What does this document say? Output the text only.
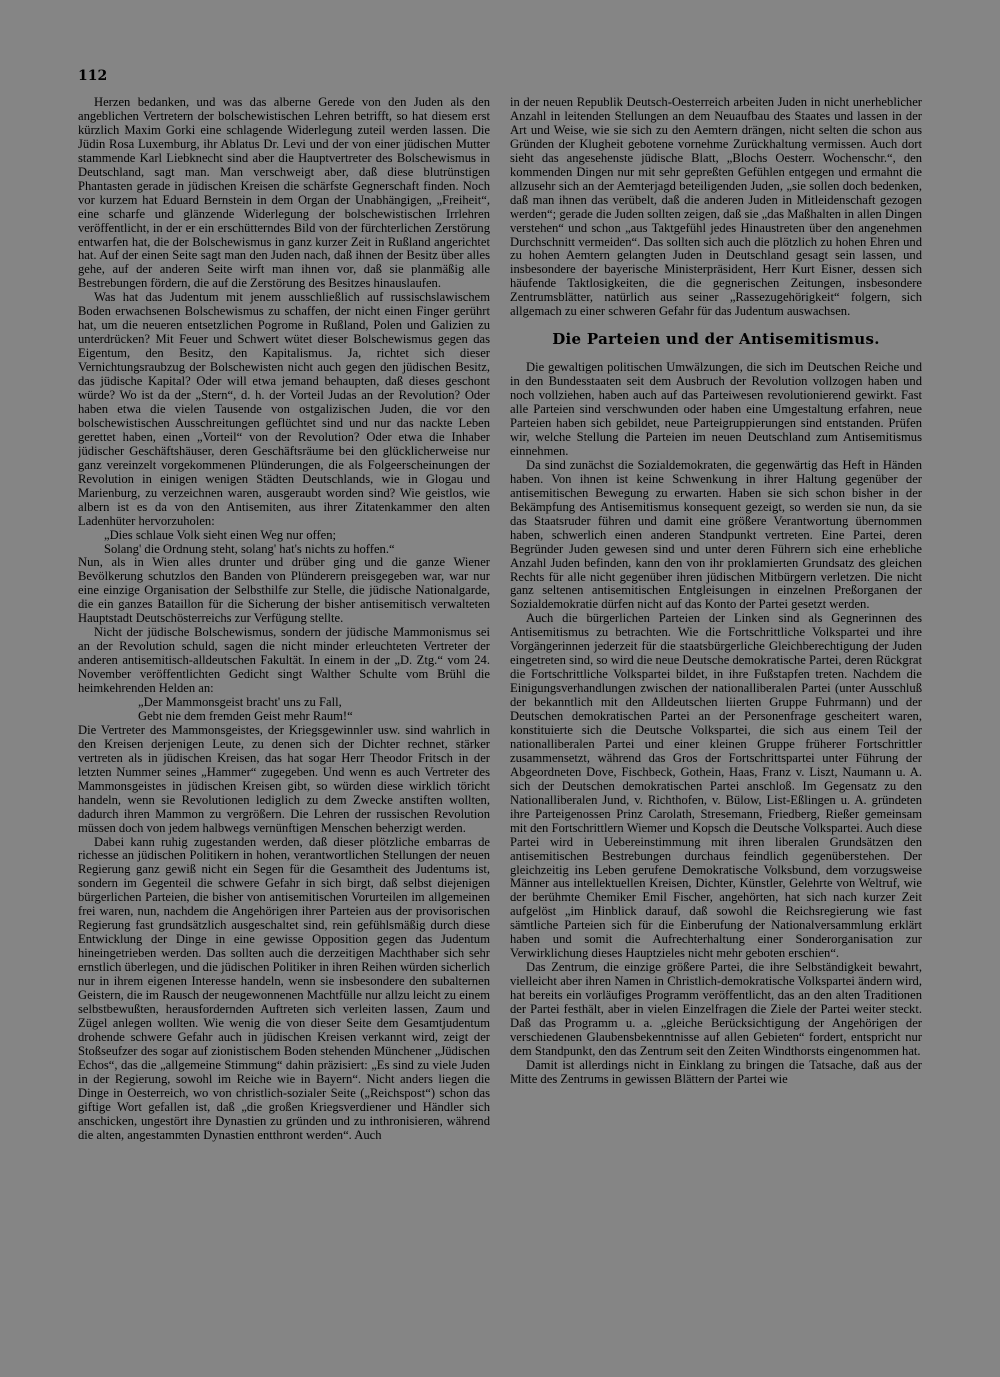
112

Herzen bedanken, und was das alberne Gerede von den Juden als den angeblichen Vertretern der bolschewistischen Lehren betrifft, so hat diesem erst kürzlich Maxim Gorki eine schlagende Widerlegung zuteil werden lassen. Die Jüdin Rosa Luxemburg, ihr Ablatus Dr. Levi und der von einer jüdischen Mutter stammende Karl Liebknecht sind aber die Hauptvertreter des Bolschewismus in Deutschland, sagt man. Man verschweigt aber, daß diese blutrünstigen Phantasten gerade in jüdischen Kreisen die schärfste Gegnerschaft finden. Noch vor kurzem hat Eduard Bernstein in dem Organ der Unabhängigen, „Freiheit“, eine scharfe und glänzende Widerlegung der bolschewistischen Irrlehren veröffentlicht, in der er ein erschütterndes Bild von der fürchterlichen Zerstörung entwarfen hat, die der Bolschewismus in ganz kurzer Zeit in Rußland angerichtet hat. Auf der einen Seite sagt man den Juden nach, daß ihnen der Besitz über alles gehe, auf der anderen Seite wirft man ihnen vor, daß sie planmäßig alle Bestrebungen fördern, die auf die Zerstörung des Besitzes hinauslaufen.

Was hat das Judentum mit jenem ausschließlich auf russischslawischem Boden erwachsenen Bolschewismus zu schaffen, der nicht einen Finger gerührt hat, um die neueren entsetzlichen Pogrome in Rußland, Polen und Galizien zu unterdrücken? Mit Feuer und Schwert wütet dieser Bolschewismus gegen das Eigentum, den Besitz, den Kapitalismus. Ja, richtet sich dieser Vernichtungsraubzug der Bolschewisten nicht auch gegen den jüdischen Besitz, das jüdische Kapital? Oder will etwa jemand behaupten, daß dieses geschont würde? Wo ist da der „Stern“, d. h. der Vorteil Judas an der Revolution? Oder haben etwa die vielen Tausende von ostgalizischen Juden, die vor den bolschewistischen Ausschreitungen geflüchtet sind und nur das nackte Leben gerettet haben, einen „Vorteil“ von der Revolution? Oder etwa die Inhaber jüdischer Geschäftshäuser, deren Geschäftsräume bei den glücklicherweise nur ganz vereinzelt vorgekommenen Plünderungen, die als Folgeerscheinungen der Revolution in einigen wenigen Städten Deutschlands, wie in Glogau und Marienburg, zu verzeichnen waren, ausgeraubt worden sind? Wie geistlos, wie albern ist es da von den Antisemiten, aus ihrer Zitatenkammer den alten Ladenhüter hervorzuholen:

„Dies schlaue Volk sieht einen Weg nur offen;

Solang' die Ordnung steht, solang' hat's nichts zu hoffen.“

Nun, als in Wien alles drunter und drüber ging und die ganze Wiener Bevölkerung schutzlos den Banden von Plünderern preisgegeben war, war nur eine einzige Organisation der Selbsthilfe zur Stelle, die jüdische Nationalgarde, die ein ganzes Bataillon für die Sicherung der bisher antisemitisch verwalteten Hauptstadt Deutschösterreichs zur Verfügung stellte.

Nicht der jüdische Bolschewismus, sondern der jüdische Mammonismus sei an der Revolution schuld, sagen die nicht minder erleuchteten Vertreter der anderen antisemitisch-alldeutschen Fakultät. In einem in der „D. Ztg.“ vom 24. November veröffentlichten Gedicht singt Walther Schulte vom Brühl die heimkehrenden Helden an:

„Der Mammonsgeist bracht' uns zu Fall,

Gebt nie dem fremden Geist mehr Raum!“

Die Vertreter des Mammonsgeistes, der Kriegsgewinnler usw. sind wahrlich in den Kreisen derjenigen Leute, zu denen sich der Dichter rechnet, stärker vertreten als in jüdischen Kreisen, das hat sogar Herr Theodor Fritsch in der letzten Nummer seines „Hammer“ zugegeben. Und wenn es auch Vertreter des Mammonsgeistes in jüdischen Kreisen gibt, so würden diese wirklich töricht handeln, wenn sie Revolutionen lediglich zu dem Zwecke anstiften wollten, dadurch ihren Mammon zu vergrößern. Die Lehren der russischen Revolution müssen doch von jedem halbwegs vernünftigen Menschen beherzigt werden.

Dabei kann ruhig zugestanden werden, daß dieser plötzliche embarras de richesse an jüdischen Politikern in hohen, verantwortlichen Stellungen der neuen Regierung ganz gewiß nicht ein Segen für die Gesamtheit des Judentums ist, sondern im Gegenteil die schwere Gefahr in sich birgt, daß selbst diejenigen bürgerlichen Parteien, die bisher von antisemitischen Vorurteilen im allgemeinen frei waren, nun, nachdem die Angehörigen ihrer Parteien aus der provisorischen Regierung fast grundsätzlich ausgeschaltet sind, rein gefühlsmäßig durch diese Entwicklung der Dinge in eine gewisse Opposition gegen das Judentum hineingetrieben werden. Das sollten auch die derzeitigen Machthaber sich sehr ernstlich überlegen, und die jüdischen Politiker in ihren Reihen würden sicherlich nur in ihrem eigenen Interesse handeln, wenn sie insbesondere den subalternen Geistern, die im Rausch der neugewonnenen Machtfülle nur allzu leicht zu einem selbstbewußten, herausfordernden Auftreten sich verleiten lassen, Zaum und Zügel anlegen wollten. Wie wenig die von dieser Seite dem Gesamtjudentum drohende schwere Gefahr auch in jüdischen Kreisen verkannt wird, zeigt der Stoßseufzer des sogar auf zionistischem Boden stehenden Münchener „Jüdischen Echos“, das die „allgemeine Stimmung“ dahin präzisiert: „Es sind zu viele Juden in der Regierung, sowohl im Reiche wie in Bayern“. Nicht anders liegen die Dinge in Oesterreich, wo von christlich-sozialer Seite („Reichspost“) schon das giftige Wort gefallen ist, daß „die großen Kriegsverdiener und Händler sich anschicken, ungestört ihre Dynastien zu gründen und zu inthronisieren, während die alten, angestammten Dynastien entthront werden“. Auch

in der neuen Republik Deutsch-Oesterreich arbeiten Juden in nicht unerheblicher Anzahl in leitenden Stellungen an dem Neuaufbau des Staates und lassen in der Art und Weise, wie sie sich zu den Aemtern drängen, nicht selten die schon aus Gründen der Klugheit gebotene vornehme Zurückhaltung vermissen. Auch dort sieht das angesehenste jüdische Blatt, „Blochs Oesterr. Wochenschr.“, den kommenden Dingen nur mit sehr gepreßten Gefühlen entgegen und ermahnt die allzusehr sich an der Aemterjagd beteiligenden Juden, „sie sollen doch bedenken, daß man ihnen das verübelt, daß die anderen Juden in Mitleidenschaft gezogen werden“; gerade die Juden sollten zeigen, daß sie „das Maßhalten in allen Dingen verstehen“ und schon „aus Taktgefühl jedes Hinaustreten über den angenehmen Durchschnitt vermeiden“. Das sollten sich auch die plötzlich zu hohen Ehren und zu hohen Aemtern gelangten Juden in Deutschland gesagt sein lassen, und insbesondere der bayerische Ministerpräsident, Herr Kurt Eisner, dessen sich häufende Taktlosigkeiten, die die gegnerischen Zeitungen, insbesondere Zentrumsblätter, natürlich aus seiner „Rassezugehörigkeit“ folgern, sich allgemach zu einer schweren Gefahr für das Judentum auswachsen.

Die Parteien und der Antisemitismus.

Die gewaltigen politischen Umwälzungen, die sich im Deutschen Reiche und in den Bundesstaaten seit dem Ausbruch der Revolution vollzogen haben und noch vollziehen, haben auch auf das Parteiwesen revolutionierend gewirkt. Fast alle Parteien sind verschwunden oder haben eine Umgestaltung erfahren, neue Parteien haben sich gebildet, neue Parteigruppierungen sind entstanden. Prüfen wir, welche Stellung die Parteien im neuen Deutschland zum Antisemitismus einnehmen.

Da sind zunächst die Sozialdemokraten, die gegenwärtig das Heft in Händen haben. Von ihnen ist keine Schwenkung in ihrer Haltung gegenüber der antisemitischen Bewegung zu erwarten. Haben sie sich schon bisher in der Bekämpfung des Antisemitismus konsequent gezeigt, so werden sie nun, da sie das Staatsruder führen und damit eine größere Verantwortung übernommen haben, schwerlich einen anderen Standpunkt vertreten. Eine Partei, deren Begründer Juden gewesen sind und unter deren Führern sich eine erhebliche Anzahl Juden befinden, kann den von ihr proklamierten Grundsatz des gleichen Rechts für alle nicht gegenüber ihren jüdischen Mitbürgern verletzen. Die nicht ganz seltenen antisemitischen Entgleisungen in einzelnen Preßorganen der Sozialdemokratie dürfen nicht auf das Konto der Partei gesetzt werden.

Auch die bürgerlichen Parteien der Linken sind als Gegnerinnen des Antisemitismus zu betrachten. Wie die Fortschrittliche Volkspartei und ihre Vorgängerinnen jederzeit für die staatsbürgerliche Gleichberechtigung der Juden eingetreten sind, so wird die neue Deutsche demokratische Partei, deren Rückgrat die Fortschrittliche Volkspartei bildet, in ihre Fußstapfen treten. Nachdem die Einigungsverhandlungen zwischen der nationalliberalen Partei (unter Ausschluß der bekanntlich mit den Alldeutschen liierten Gruppe Fuhrmann) und der Deutschen demokratischen Partei an der Personenfrage gescheitert waren, konstituierte sich die Deutsche Volkspartei, die sich aus einem Teil der nationalliberalen Partei und einer kleinen Gruppe früherer Fortschrittler zusammensetzt, während das Gros der Fortschrittspartei unter Führung der Abgeordneten Dove, Fischbeck, Gothein, Haas, Franz v. Liszt, Naumann u. A. sich der Deutschen demokratischen Partei anschloß. Im Gegensatz zu den Nationalliberalen Jund, v. Richthofen, v. Bülow, List-Eßlingen u. A. gründeten ihre Parteigenossen Prinz Carolath, Stresemann, Friedberg, Rießer gemeinsam mit den Fortschrittlern Wiemer und Kopsch die Deutsche Volkspartei. Auch diese Partei wird in Uebereinstimmung mit ihren liberalen Grundsätzen den antisemitischen Bestrebungen durchaus feindlich gegenüberstehen. Der gleichzeitig ins Leben gerufene Demokratische Volksbund, dem vorzugsweise Männer aus intellektuellen Kreisen, Dichter, Künstler, Gelehrte von Weltruf, wie der berühmte Chemiker Emil Fischer, angehörten, hat sich nach kurzer Zeit aufgelöst „im Hinblick darauf, daß sowohl die Reichsregierung wie fast sämtliche Parteien sich für die Einberufung der Nationalversammlung erklärt haben und somit die Aufrechterhaltung einer Sonderorganisation zur Verwirklichung dieses Hauptzieles nicht mehr geboten erschien“.

Das Zentrum, die einzige größere Partei, die ihre Selbständigkeit bewahrt, vielleicht aber ihren Namen in Christlich-demokratische Volkspartei ändern wird, hat bereits ein vorläufiges Programm veröffentlicht, das an den alten Traditionen der Partei festhält, aber in vielen Einzelfragen die Ziele der Partei weiter steckt. Daß das Programm u. a. „gleiche Berücksichtigung der Angehörigen der verschiedenen Glaubensbekenntnisse auf allen Gebieten“ fordert, entspricht nur dem Standpunkt, den das Zentrum seit den Zeiten Windthorsts eingenommen hat.

Damit ist allerdings nicht in Einklang zu bringen die Tatsache, daß aus der Mitte des Zentrums in gewissen Blättern der Partei wie
